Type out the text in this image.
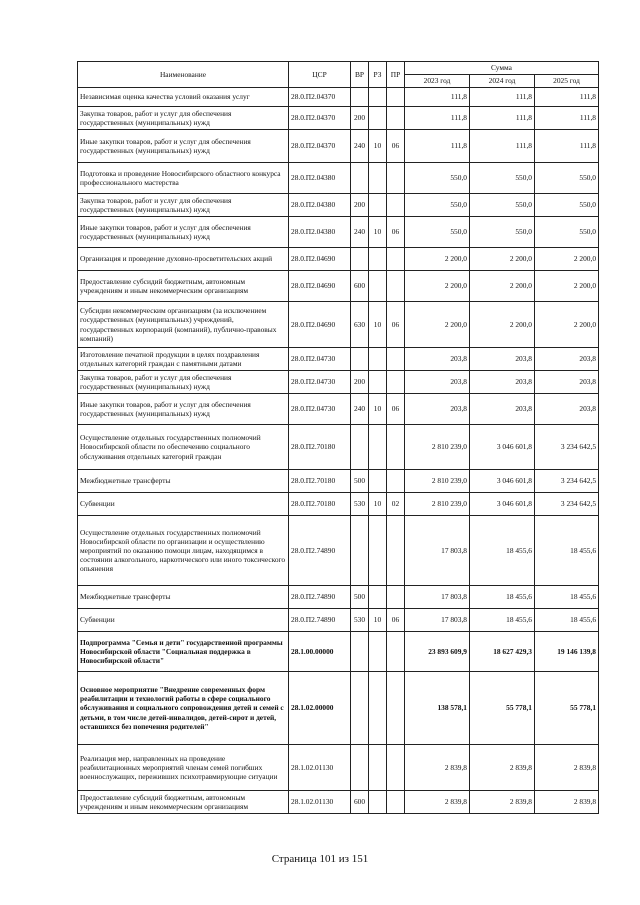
Наименование	ЦСР	ВР	РЗ	ПР	Сумма		
					2023 год	2024 год	2025 год
Независимая оценка качества условий оказания услуг	28.0.П2.04370				111,8	111,8	111,8
Закупка товаров, работ и услуг для обеспечения государственных (муниципальных) нужд	28.0.П2.04370	200			111,8	111,8	111,8
Иные закупки товаров, работ и услуг для обеспечения государственных (муниципальных) нужд	28.0.П2.04370	240	10	06	111,8	111,8	111,8
Подготовка и проведение Новосибирского областного конкурса профессионального мастерства	28.0.П2.04380				550,0	550,0	550,0
Закупка товаров, работ и услуг для обеспечения государственных (муниципальных) нужд	28.0.П2.04380	200			550,0	550,0	550,0
Иные закупки товаров, работ и услуг для обеспечения государственных (муниципальных) нужд	28.0.П2.04380	240	10	06	550,0	550,0	550,0
Организация и проведение духовно-просветительских акций	28.0.П2.04690				2 200,0	2 200,0	2 200,0
Предоставление субсидий бюджетным, автономным учреждениям и иным некоммерческим организациям	28.0.П2.04690	600			2 200,0	2 200,0	2 200,0
Субсидии некоммерческим организациям (за исключением государственных (муниципальных) учреждений, государственных корпораций (компаний), публично-правовых компаний)	28.0.П2.04690	630	10	06	2 200,0	2 200,0	2 200,0
Изготовление печатной продукции в целях поздравления отдельных категорий граждан с памятными датами	28.0.П2.04730				203,8	203,8	203,8
Закупка товаров, работ и услуг для обеспечения государственных (муниципальных) нужд	28.0.П2.04730	200			203,8	203,8	203,8
Иные закупки товаров, работ и услуг для обеспечения государственных (муниципальных) нужд	28.0.П2.04730	240	10	06	203,8	203,8	203,8
Осуществление отдельных государственных полномочий Новосибирской области по обеспечению социального обслуживания отдельных категорий граждан	28.0.П2.70180				2 810 239,0	3 046 601,8	3 234 642,5
Межбюджетные трансферты	28.0.П2.70180	500			2 810 239,0	3 046 601,8	3 234 642,5
Субвенции	28.0.П2.70180	530	10	02	2 810 239,0	3 046 601,8	3 234 642,5
Осуществление отдельных государственных полномочий Новосибирской области по организации и осуществлению мероприятий по оказанию помощи лицам, находящимся в состоянии алкогольного, наркотического или иного токсического опьянения	28.0.П2.74890				17 803,8	18 455,6	18 455,6
Межбюджетные трансферты	28.0.П2.74890	500			17 803,8	18 455,6	18 455,6
Субвенции	28.0.П2.74890	530	10	06	17 803,8	18 455,6	18 455,6
Подпрограмма "Семья и дети" государственной программы Новосибирской области "Социальная поддержка в Новосибирской области"	28.1.00.00000				23 893 609,9	18 627 429,3	19 146 139,8
Основное мероприятие "Внедрение современных форм реабилитации и технологий работы в сфере социального обслуживания и социального сопровождения детей и семей с детьми, в том числе детей-инвалидов, детей-сирот и детей, оставшихся без попечения родителей"	28.1.02.00000				138 578,1	55 778,1	55 778,1
Реализация мер, направленных на проведение реабилитационных мероприятий членам семей погибших военнослужащих, переживших психотравмирующие ситуации	28.1.02.01130				2 839,8	2 839,8	2 839,8
Предоставление субсидий бюджетным, автономным учреждениям и иным некоммерческим организациям	28.1.02.01130	600			2 839,8	2 839,8	2 839,8
Страница 101 из 151
